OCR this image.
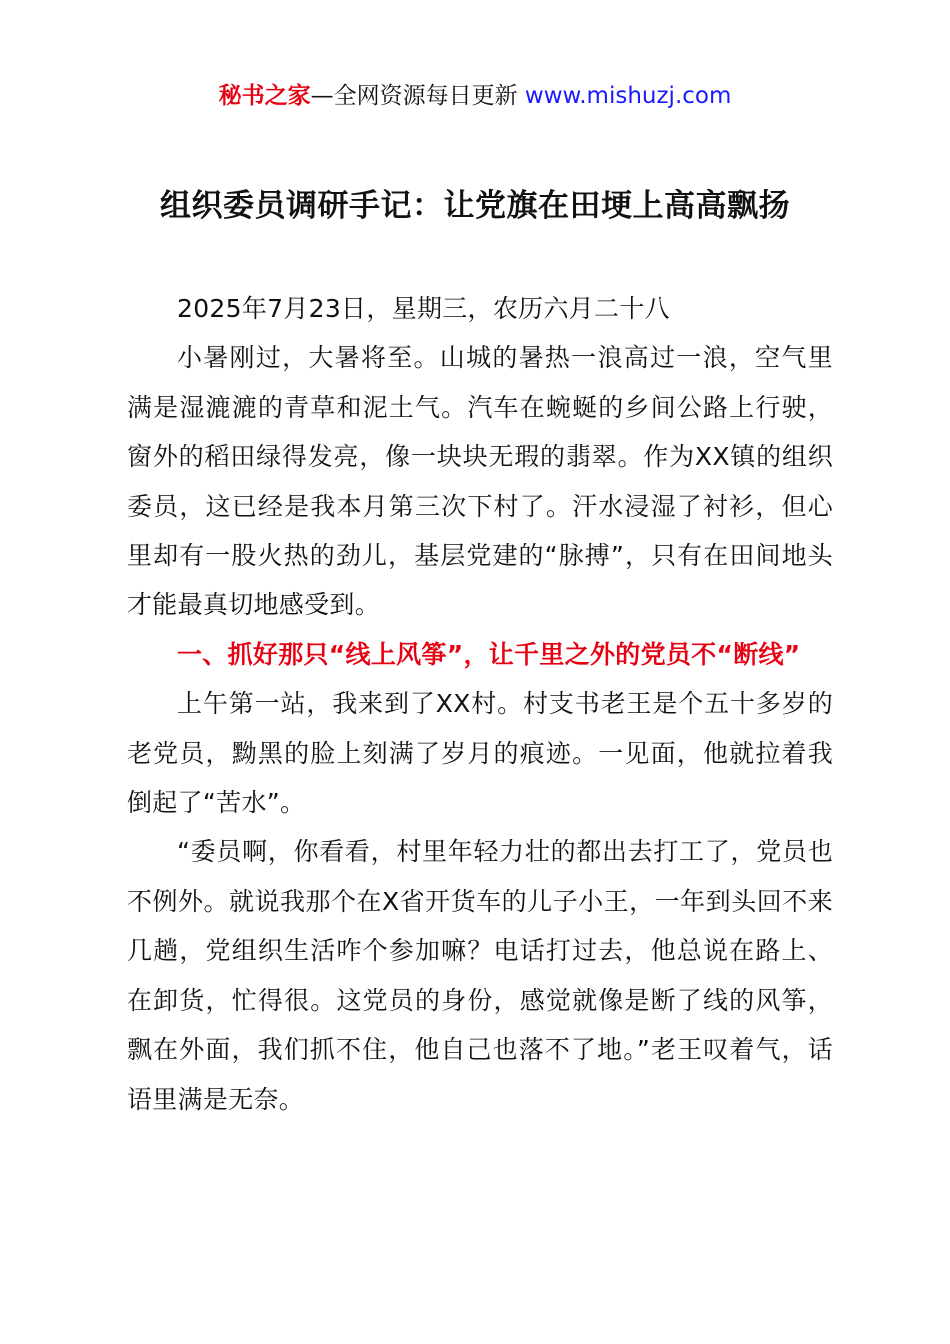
秘书之家—全网资源每日更新 www.mishuzj.com
组织委员调研手记：让党旗在田埂上高高飘扬

2025年7月23日，星期三，农历六月二十八

小暑刚过，大暑将至。山城的暑热一浪高过一浪，空气里满是湿漉漉的青草和泥土气。汽车在蜿蜒的乡间公路上行驶，窗外的稻田绿得发亮，像一块块无瑕的翡翠。作为XX镇的组织委员，这已经是我本月第三次下村了。汗水浸湿了衬衫，但心里却有一股火热的劲儿，基层党建的“脉搏”，只有在田间地头才能最真切地感受到。

一、抓好那只“线上风筝”，让千里之外的党员不“断线”

上午第一站，我来到了XX村。村支书老王是个五十多岁的老党员，黝黑的脸上刻满了岁月的痕迹。一见面，他就拉着我倒起了“苦水”。

“委员啊，你看看，村里年轻力壮的都出去打工了，党员也不例外。就说我那个在X省开货车的儿子小王，一年到头回不来几趟，党组织生活咋个参加嘛？电话打过去，他总说在路上、在卸货，忙得很。这党员的身份，感觉就像是断了线的风筝，飘在外面，我们抓不住，他自己也落不了地。”老王叹着气，话语里满是无奈。
